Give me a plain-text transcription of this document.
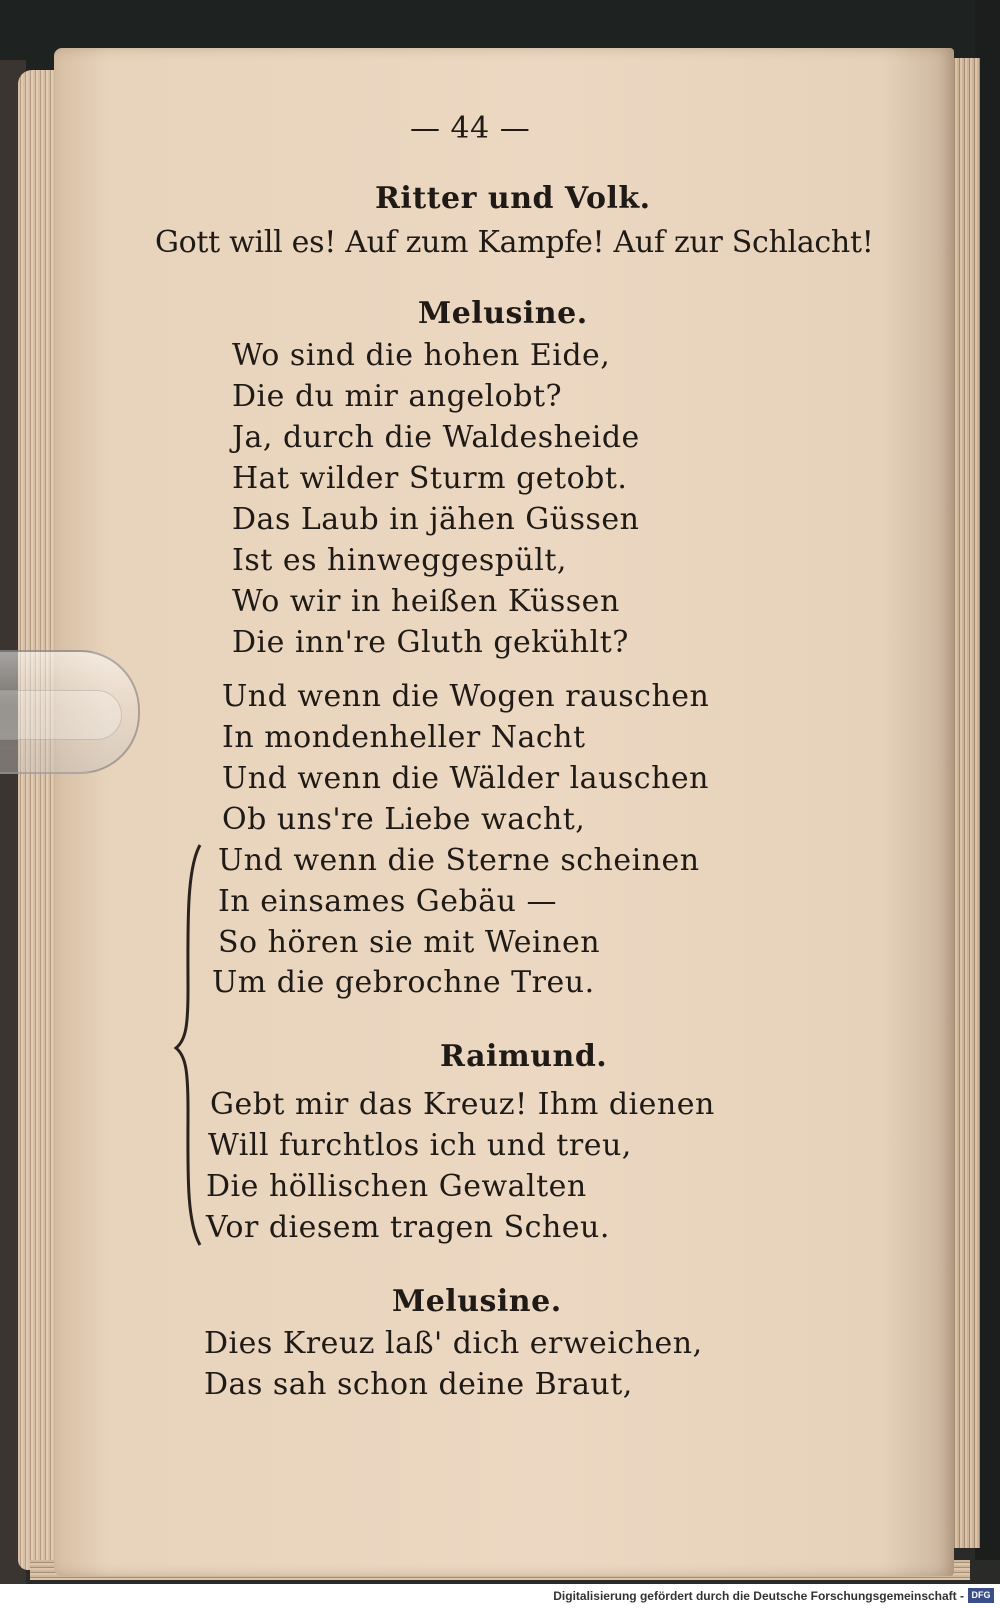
— 44 —
Ritter und Volk.
Gott will es! Auf zum Kampfe! Auf zur Schlacht!
Melusine.
Wo sind die hohen Eide,
Die du mir angelobt?
Ja, durch die Waldesheide
Hat wilder Sturm getobt.
Das Laub in jähen Güssen
Ist es hinweggespült,
Wo wir in heißen Küssen
Die inn're Gluth gekühlt?
Und wenn die Wogen rauschen
In mondenheller Nacht
Und wenn die Wälder lauschen
Ob uns're Liebe wacht,
Und wenn die Sterne scheinen
In einsames Gebäu —
So hören sie mit Weinen
Um die gebrochne Treu.
Raimund.
Gebt mir das Kreuz! Ihm dienen
Will furchtlos ich und treu,
Die höllischen Gewalten
Vor diesem tragen Scheu.
Melusine.
Dies Kreuz laß' dich erweichen,
Das sah schon deine Braut,
Digitalisierung gefördert durch die Deutsche Forschungsgemeinschaft - DFG
